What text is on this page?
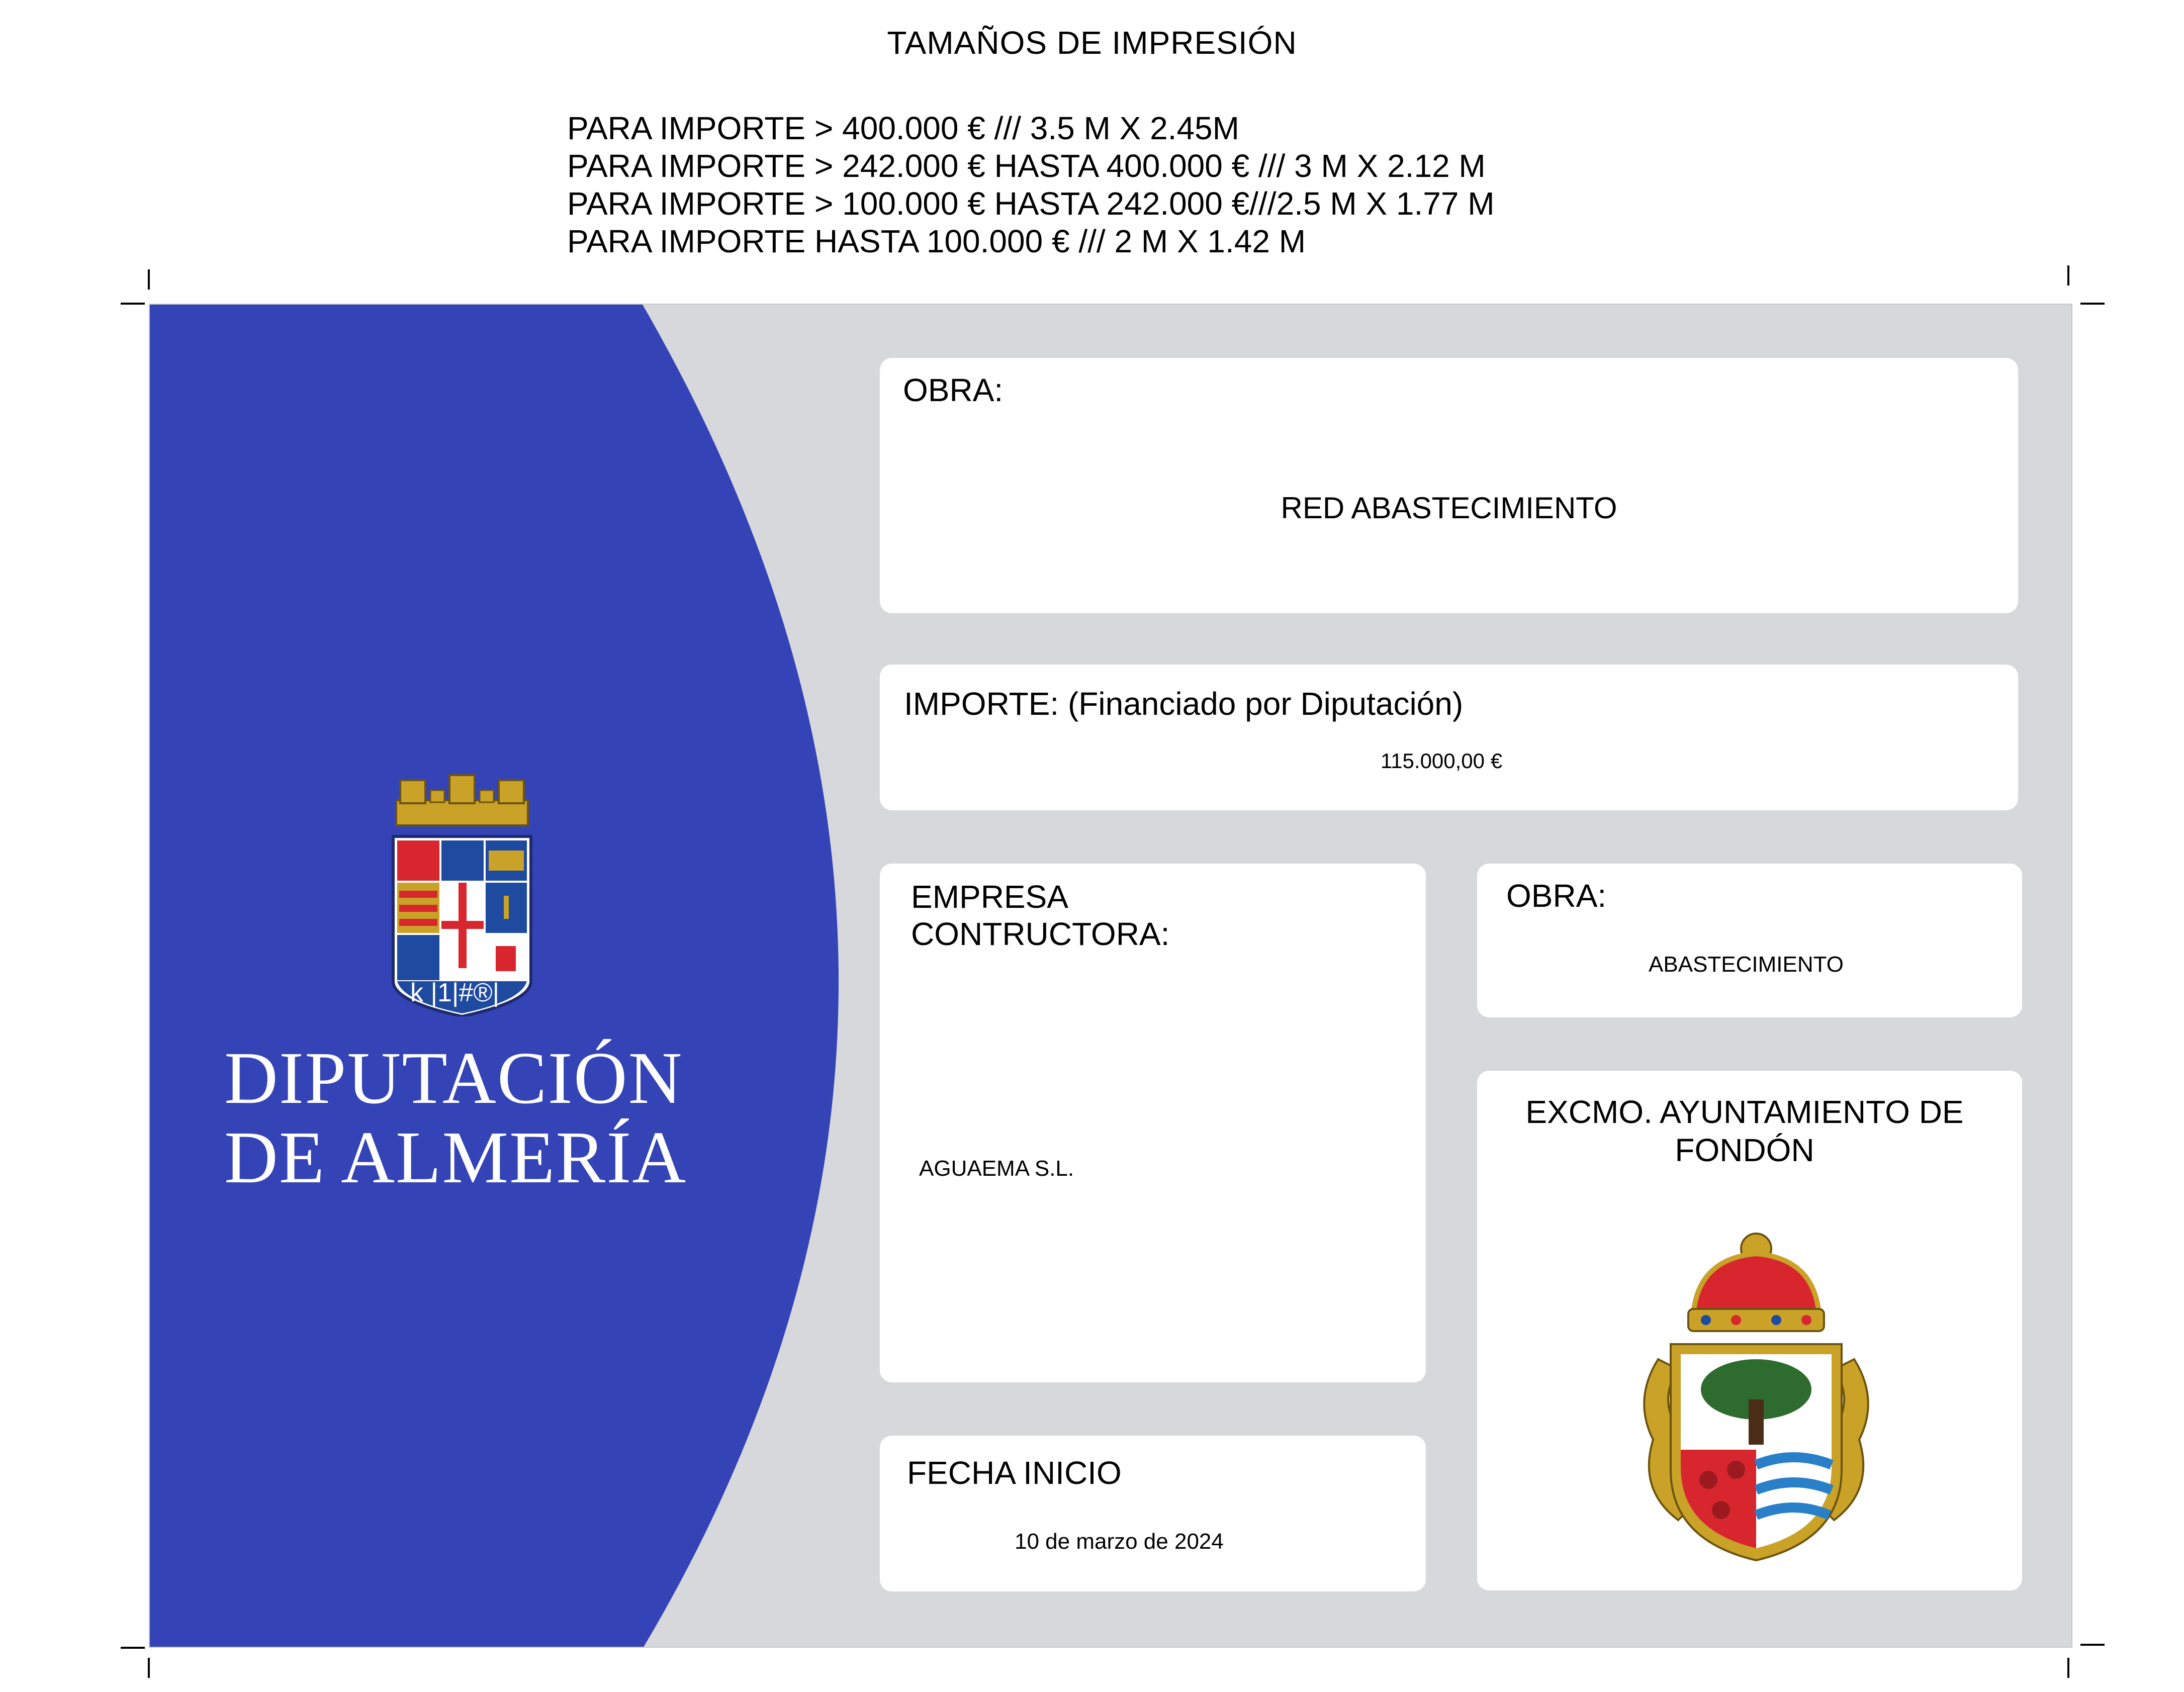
TAMAÑOS DE IMPRESIÓN
PARA IMPORTE > 400.000 € /// 3.5 M X 2.45M
PARA IMPORTE > 242.000 € HASTA 400.000 € /// 3 M X 2.12 M
PARA IMPORTE > 100.000 € HASTA 242.000 €///2.5 M X 1.77 M
PARA IMPORTE HASTA 100.000 € /// 2 M X 1.42 M
k |1|#®|
DIPUTACIÓN
DE ALMERÍA
OBRA:
RED ABASTECIMIENTO
IMPORTE: (Financiado por Diputación)
115.000,00 €
EMPRESA
CONTRUCTORA:
AGUAEMA S.L.
OBRA:
ABASTECIMIENTO
EXCMO. AYUNTAMIENTO DE
FONDÓN
FECHA INICIO
10 de marzo de 2024
